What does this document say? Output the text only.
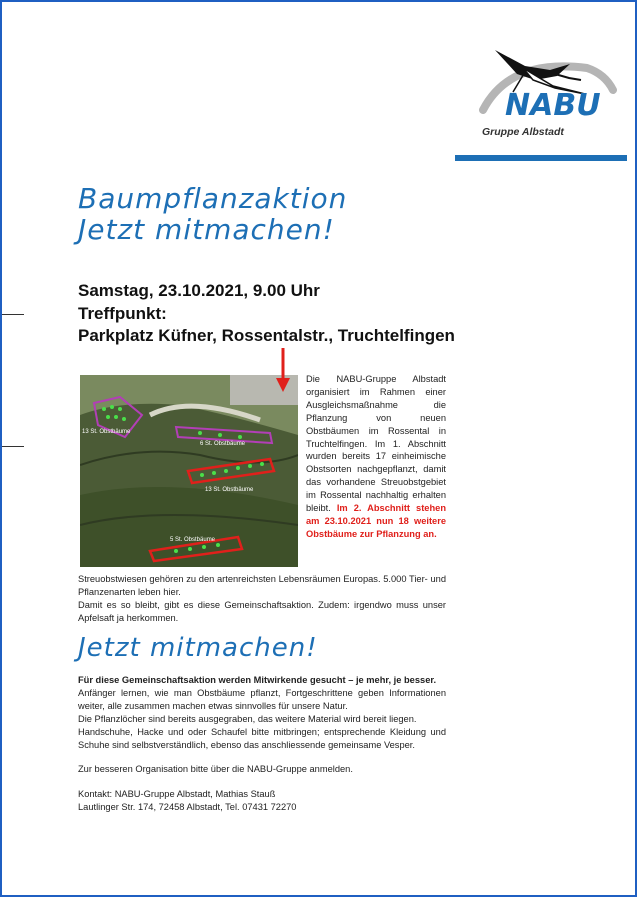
NABU
Gruppe Albstadt
Baumpflanzaktion
Jetzt mitmachen!
Samstag, 23.10.2021, 9.00 Uhr
Treffpunkt:
Parkplatz Küfner, Rossentalstr., Truchtelfingen
13 St. Obstbäume
6 St. Obstbäume
13 St. Obstbäume
5 St. Obstbäume
Die NABU-Gruppe Albstadt organisiert im Rahmen einer Ausgleichsmaßnahme die Pflanzung von neuen Obstbäumen im Rossental in Truchtelfingen. Im 1. Abschnitt wurden bereits 17 einheimische Obstsorten nachgepflanzt, damit das vorhandene Streuobstgebiet im Rossental nachhaltig erhalten bleibt. Im 2. Abschnitt stehen am 23.10.2021 nun 18 weitere Obstbäume zur Pflanzung an.

Streuobstwiesen gehören zu den artenreichsten Lebensräumen Europas. 5.000 Tier- und Pflanzenarten leben hier.

Damit es so bleibt, gibt es diese Gemeinschaftsaktion. Zudem: irgendwo muss unser Apfelsaft ja herkommen.

Jetzt mitmachen!

Für diese Gemeinschaftsaktion werden Mitwirkende gesucht – je mehr, je besser.

Anfänger lernen, wie man Obstbäume pflanzt, Fortgeschrittene geben Informationen weiter, alle zusammen machen etwas sinnvolles für unsere Natur.

Die Pflanzlöcher sind bereits ausgegraben, das weitere Material wird bereit liegen.

Handschuhe, Hacke und oder Schaufel bitte mitbringen; entsprechende Kleidung und Schuhe sind selbstverständlich, ebenso das anschliessende gemeinsame Vesper.

Zur besseren Organisation bitte über die NABU-Gruppe anmelden.

Kontakt: NABU-Gruppe Albstadt, Mathias Stauß

Lautlinger Str. 174, 72458 Albstadt, Tel. 07431 72270
